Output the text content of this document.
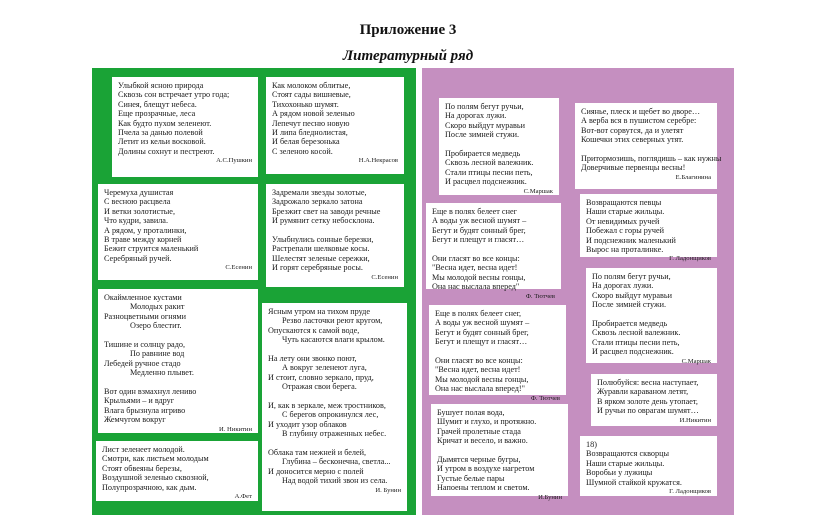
Приложение 3
Литературный ряд
Улыбкой ясною природа
Сквозь сон встречает утро года;
Синея, блещут небеса.
Еще прозрачные, леса
Как будто пухом зеленеют.
Пчела за данью полевой
Летит из кельи восковой.
Долины сохнут и пестреют.
А.С.Пушкин
Как молоком облитые,
Стоят сады вишневые,
Тихохонько шумят.
А рядом новой зеленью
Лепечут песню новую
И липа бледнолистая,
И белая березонька
С зеленою косой.
Н.А.Некрасов
Черемуха душистая
С весною расцвела
И ветки золотистые,
Что кудри, завила.
А рядом, у проталинки,
В траве между корней
Бежит струится маленький
Серебряный ручей.
С.Есенин
Задремали звезды золотые,
Задрожало зеркало затона
Брезжит свет на заводи речные
И румянит сетку небосклона.
Улыбнулись сонные березки,
Растрепали шелковые косы.
Шелестят зеленые сережки,
И горят серебряные росы.
С.Есенин
Окаймленное кустами
Молодых ракит
Разноцветными огнями
Озеро блестит.
Тишине и солнцу радо,
По равнине вод
Лебедей ручное стадо
Медленно плывет.
Вот один взмахнул лениво
Крыльями – и вдруг
Влага брызнула игриво
Жемчугом вокруг
И. Никитин
Ясным утром на тихом пруде
Резво ласточки реют кругом,
Опускаются к самой воде,
Чуть касаются влаги крылом.
На лету они звонко поют,
А вокруг зеленеют луга,
И стоит, словно зеркало, пруд,
Отражая свои берега.
И, как в зеркале, меж тростников,
С берегов опрокинулся лес,
И уходит узор облаков
В глубину отраженных небес.
Облака там нежней и белей,
Глубина – бесконечна, светла...
И доносится мерно с полей
Над водой тихий звон из села.
И. Бунин
Лист зеленеет молодой.
Смотри, как листьем молодым
Стоят обвеяны березы,
Воздушной зеленью сквозной,
Полупрозрачною, как дым.
А.Фет
По полям бегут ручьи,
На дорогах лужи.
Скоро выйдут муравьи
После зимней стужи.
Пробирается медведь
Сквозь лесной валежник.
Стали птицы песни петь,
И расцвел подснежник.
С.Маршак
Сиянье, плеск и щебет во дворе…
А верба вся в пушистом серебре:
Вот-вот сорвутся, да и улетят
Кошечки этих северных утят.
Притормозишь, поглядишь – как нужны
Доверчивые первенцы весны!
Е.Благинина
Еще в полях белеет снег
А воды уж весной шумят –
Бегут и будят сонный брег,
Бегут и плещут и гласят…
Они гласят во все концы:
"Весна идет, весна идет!
Мы молодой весны гонцы,
Она нас выслала вперед"
Ф. Тютчев
Возвращаются певцы
Наши старые жильцы.
От невидимых ручей
Побежал с горы ручей
И подснежник маленький
Вырос на проталинке.
Г. Ладонщиков
Еще в полях белеет снег,
А воды уж весной шумят –
Бегут и будят сонный брег,
Бегут и плещут и гласят…
Они гласят во все концы:
"Весна идет, весна идет!
Мы молодой весны гонцы,
Она нас выслала вперед!"
Ф. Тютчев
По полям бегут ручьи,
На дорогах лужи.
Скоро выйдут муравьи
После зимней стужи.
Пробирается медведь
Сквозь лесной валежник.
Стали птицы песни петь,
И расцвел подснежник.
С.Маршак
Полюбуйся: весна наступает,
Журавли караваном летят,
В ярком золоте день утопает,
И ручьи по оврагам шумят…
И.Никитин
Бушует полая вода,
Шумит и глухо, и протяжно.
Грачей пролетные стада
Кричат и весело, и важно.
Дымятся черные бугры,
И утром в воздухе нагретом
Густые белые пары
Напоены теплом и светом.
И.Бунин
18)
Возвращаются скворцы
Наши старые жильцы.
Воробьи у лужицы
Шумной стайкой кружатся.
Г. Ладонщиков
